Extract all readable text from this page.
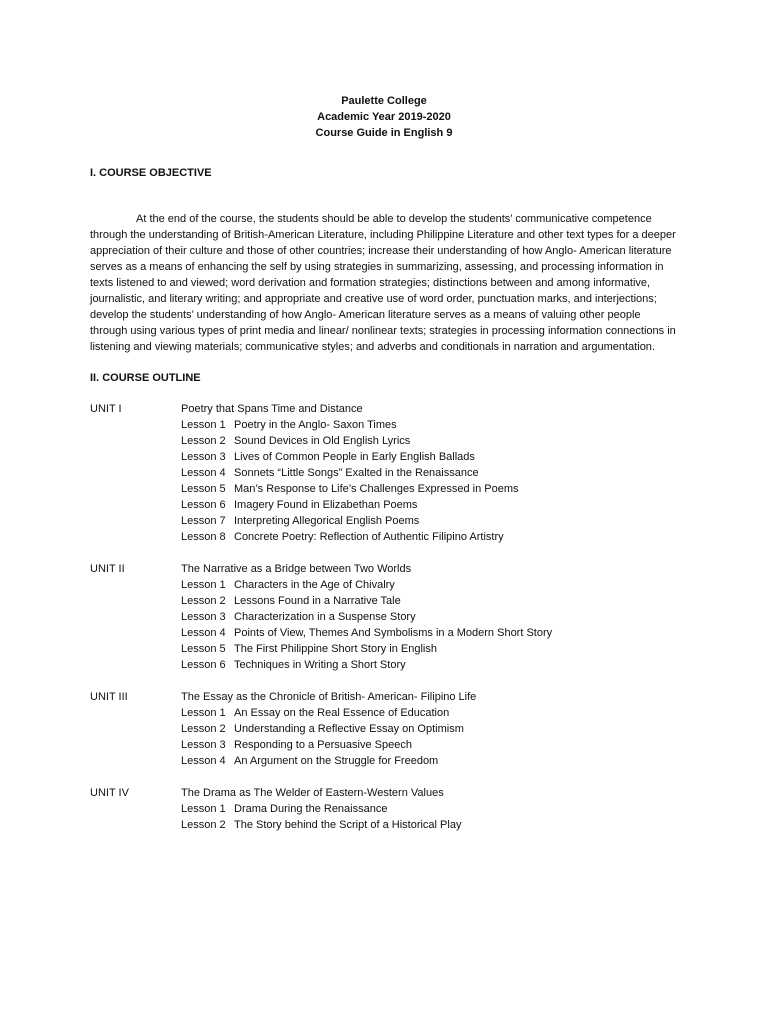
Paulette College
Academic Year 2019-2020
Course Guide in English 9
I. COURSE OBJECTIVE
At the end of the course, the students should be able to develop the students’ communicative competence through the understanding of British-American Literature, including Philippine Literature and other text types for a deeper appreciation of their culture and those of other countries; increase their understanding of how Anglo- American literature serves as a means of enhancing the self by using strategies in summarizing, assessing, and processing information in texts listened to and viewed; word derivation and formation strategies; distinctions between and among informative, journalistic, and literary writing; and appropriate and creative use of word order, punctuation marks, and interjections; develop the students’ understanding of how Anglo- American literature serves as a means of valuing other people through using various types of print media and linear/ nonlinear texts; strategies in processing information connections in listening and viewing materials; communicative styles; and adverbs and conditionals in narration and argumentation.
II. COURSE OUTLINE
UNIT I	Poetry that Spans Time and Distance
Lesson 1 Poetry in the Anglo- Saxon Times
Lesson 2 Sound Devices in Old English Lyrics
Lesson 3 Lives of Common People in Early English Ballads
Lesson 4 Sonnets “Little Songs” Exalted in the Renaissance
Lesson 5 Man’s Response to Life’s Challenges Expressed in Poems
Lesson 6 Imagery Found in Elizabethan Poems
Lesson 7 Interpreting Allegorical English Poems
Lesson 8 Concrete Poetry: Reflection of Authentic Filipino Artistry
UNIT II	The Narrative as a Bridge between Two Worlds
Lesson 1 Characters in the Age of Chivalry
Lesson 2 Lessons Found in a Narrative Tale
Lesson 3 Characterization in a Suspense Story
Lesson 4 Points of View, Themes And Symbolisms in a Modern Short Story
Lesson 5 The First Philippine Short Story in English
Lesson 6 Techniques in Writing a Short Story
UNIT III	The Essay as the Chronicle of British- American- Filipino Life
Lesson 1 An Essay on the Real Essence of Education
Lesson 2 Understanding a Reflective Essay on Optimism
Lesson 3 Responding to a Persuasive Speech
Lesson 4 An Argument on the Struggle for Freedom
UNIT IV	The Drama as The Welder of Eastern-Western Values
Lesson 1 Drama During the Renaissance
Lesson 2 The Story behind the Script of a Historical Play
